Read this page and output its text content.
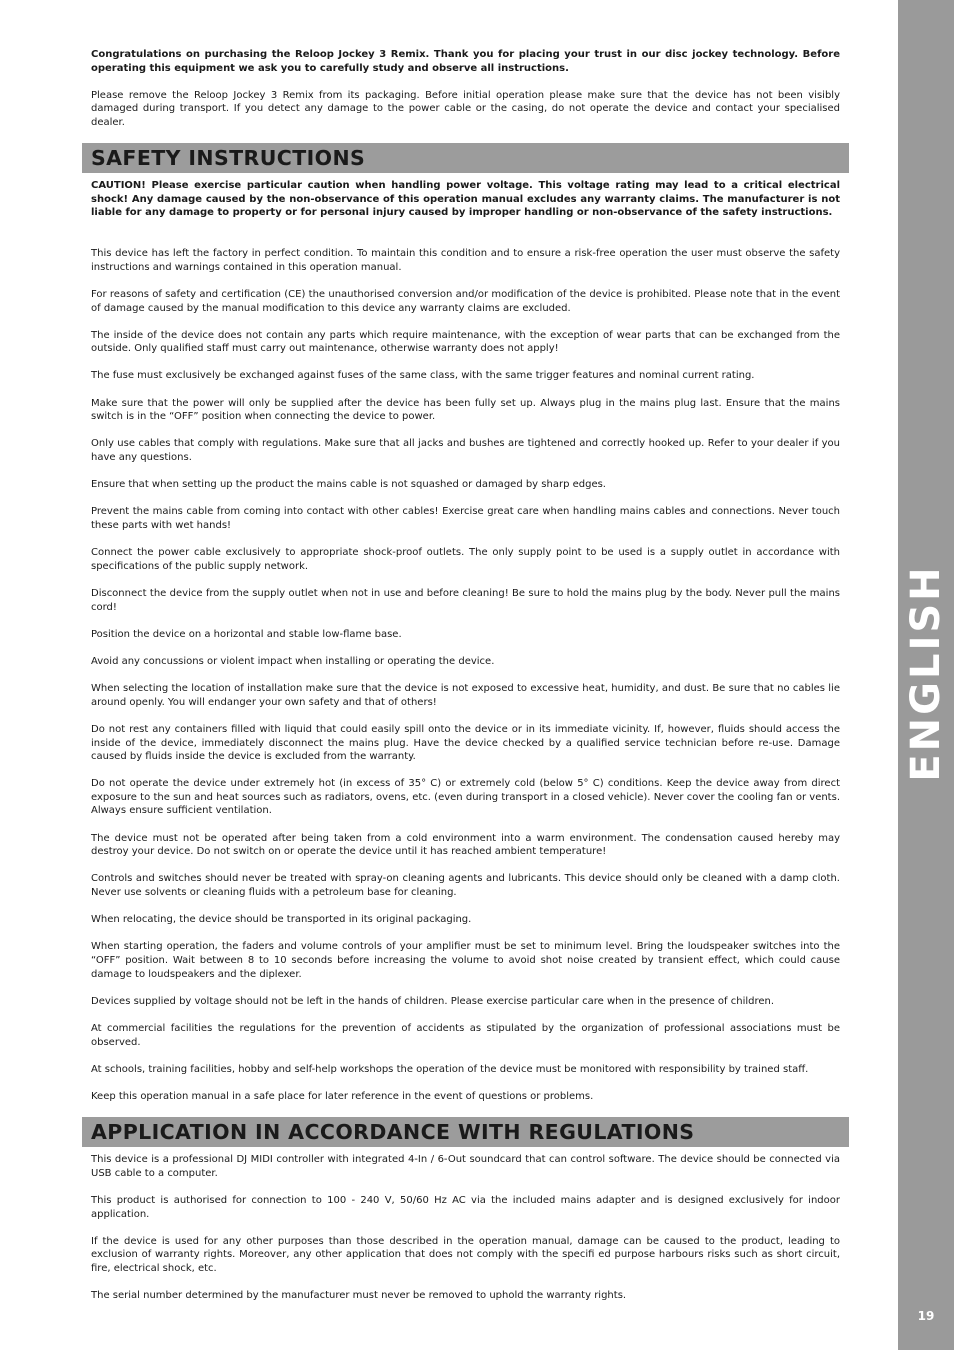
Congratulations on purchasing the Reloop Jockey 3 Remix. Thank you for placing your trust in our disc jockey technology. Before operating this equipment we ask you to carefully study and observe all instructions.

Please remove the Reloop Jockey 3 Remix from its packaging. Before initial operation please make sure that the device has not been visibly damaged during transport. If you detect any damage to the power cable or the casing, do not operate the device and contact your specialised dealer.

SAFETY INSTRUCTIONS

CAUTION! Please exercise particular caution when handling power voltage. This voltage rating may lead to a critical electrical shock! Any damage caused by the non-observance of this operation manual excludes any warranty claims. The manufacturer is not liable for any damage to property or for personal injury caused by improper handling or non-observance of the safety instructions.

This device has left the factory in perfect condition. To maintain this condition and to ensure a risk-free operation the user must observe the safety instructions and warnings contained in this operation manual.

For reasons of safety and certification (CE) the unauthorised conversion and/or modification of the device is prohibited. Please note that in the event of damage caused by the manual modification to this device any warranty claims are excluded.

The inside of the device does not contain any parts which require maintenance, with the exception of wear parts that can be exchanged from the outside. Only qualified staff must carry out maintenance, otherwise warranty does not apply!

The fuse must exclusively be exchanged against fuses of the same class, with the same trigger features and nominal current rating.

Make sure that the power will only be supplied after the device has been fully set up. Always plug in the mains plug last. Ensure that the mains switch is in the “OFF” position when connecting the device to power.

Only use cables that comply with regulations. Make sure that all jacks and bushes are tightened and correctly hooked up. Refer to your dealer if you have any questions.

Ensure that when setting up the product the mains cable is not squashed or damaged by sharp edges.

Prevent the mains cable from coming into contact with other cables! Exercise great care when handling mains cables and connections. Never touch these parts with wet hands!

Connect the power cable exclusively to appropriate shock-proof outlets. The only supply point to be used is a supply outlet in accordance with specifications of the public supply network.

Disconnect the device from the supply outlet when not in use and before cleaning! Be sure to hold the mains plug by the body. Never pull the mains cord!

Position the device on a horizontal and stable low-flame base.

Avoid any concussions or violent impact when installing or operating the device.

When selecting the location of installation make sure that the device is not exposed to excessive heat, humidity, and dust. Be sure that no cables lie around openly. You will endanger your own safety and that of others!

Do not rest any containers filled with liquid that could easily spill onto the device or in its immediate vicinity. If, however, fluids should access the inside of the device, immediately disconnect the mains plug. Have the device checked by a qualified service technician before re-use. Damage caused by fluids inside the device is excluded from the warranty.

Do not operate the device under extremely hot (in excess of 35° C) or extremely cold (below 5° C) conditions. Keep the device away from direct exposure to the sun and heat sources such as radiators, ovens, etc. (even during transport in a closed vehicle). Never cover the cooling fan or vents. Always ensure sufficient ventilation.

The device must not be operated after being taken from a cold environment into a warm environment. The condensation caused hereby may destroy your device. Do not switch on or operate the device until it has reached ambient temperature!

Controls and switches should never be treated with spray-on cleaning agents and lubricants. This device should only be cleaned with a damp cloth. Never use solvents or cleaning fluids with a petroleum base for cleaning.

When relocating, the device should be transported in its original packaging.

When starting operation, the faders and volume controls of your amplifier must be set to minimum level. Bring the loudspeaker switches into the “OFF” position. Wait between 8 to 10 seconds before increasing the volume to avoid shot noise created by transient effect, which could cause damage to loudspeakers and the diplexer.

Devices supplied by voltage should not be left in the hands of children. Please exercise particular care when in the presence of children.

At commercial facilities the regulations for the prevention of accidents as stipulated by the organization of professional associations must be observed.

At schools, training facilities, hobby and self-help workshops the operation of the device must be monitored with responsibility by trained staff.

Keep this operation manual in a safe place for later reference in the event of questions or problems.

APPLICATION IN ACCORDANCE WITH REGULATIONS

This device is a professional DJ MIDI controller with integrated 4-In / 6-Out soundcard that can control software. The device should be connected via USB cable to a computer.

This product is authorised for connection to 100 - 240 V, 50/60 Hz AC via the included mains adapter and is designed exclusively for indoor application.

If the device is used for any other purposes than those described in the operation manual, damage can be caused to the product, leading to exclusion of warranty rights. Moreover, any other application that does not comply with the specifi ed purpose harbours risks such as short circuit, fire, electrical shock, etc.

The serial number determined by the manufacturer must never be removed to uphold the warranty rights.

ENGLISH
19
